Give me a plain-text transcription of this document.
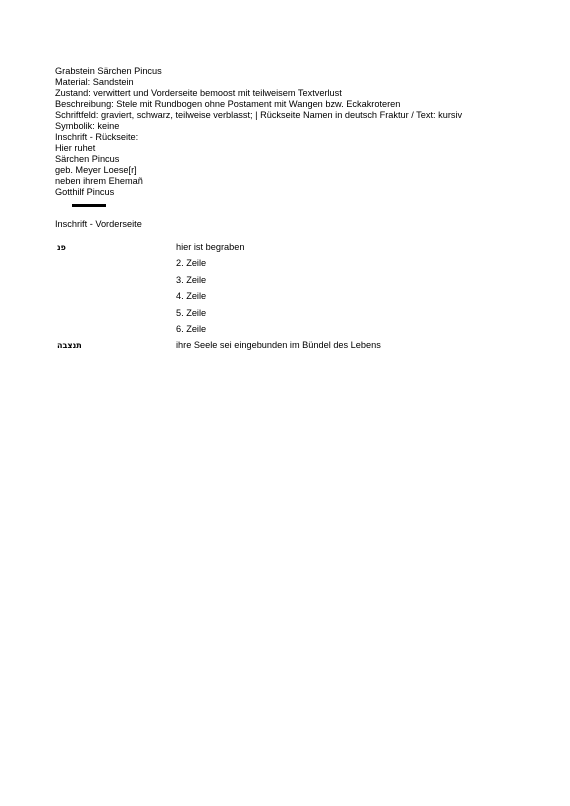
Grabstein Särchen Pincus
Material: Sandstein
Zustand: verwittert und Vorderseite bemoost mit teilweisem Textverlust
Beschreibung: Stele mit Rundbogen ohne Postament mit Wangen bzw. Eckakroteren
Schriftfeld: graviert, schwarz, teilweise verblasst; | Rückseite Namen in deutsch Fraktur / Text: kursiv
Symbolik: keine
Inschrift - Rückseite:
Hier ruhet
Särchen Pincus
geb. Meyer Loese[r]
neben ihrem Ehemañ
Gotthilf Pincus
Inschrift - Vorderseite
פנ	hier ist begraben
2. Zeile
3. Zeile
4. Zeile
5. Zeile
6. Zeile
תנצבה	ihre Seele sei eingebunden im Bündel des Lebens
